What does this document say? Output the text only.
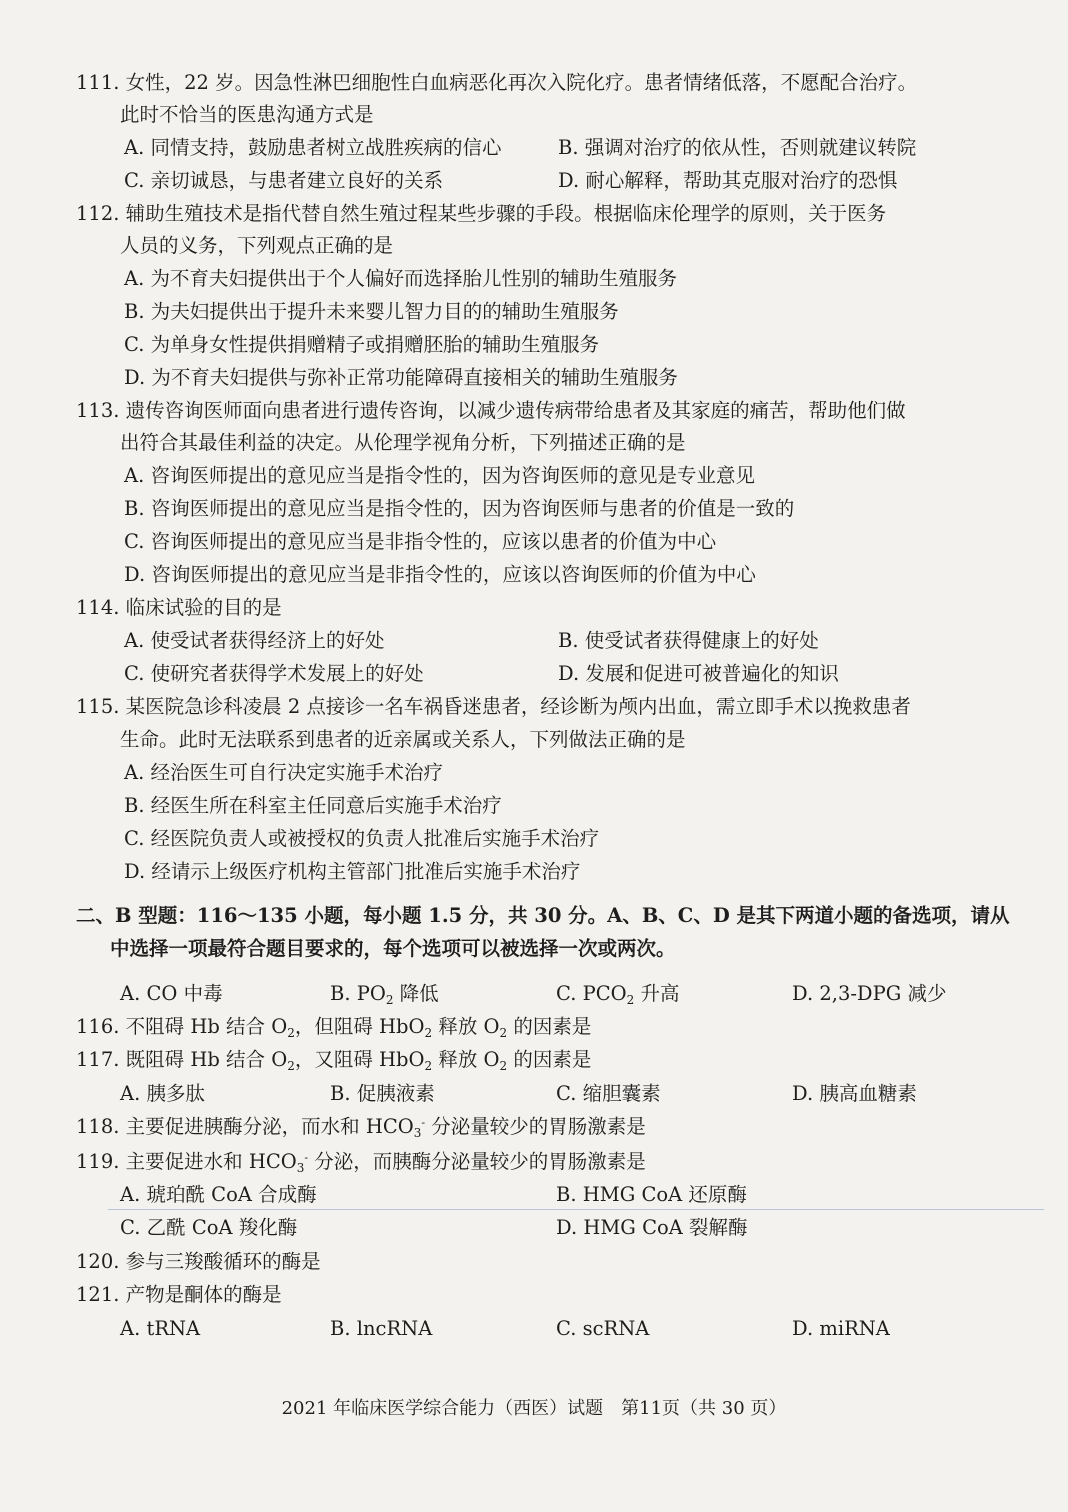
111. 女性，22 岁。因急性淋巴细胞性白血病恶化再次入院化疗。患者情绪低落，不愿配合治疗。
此时不恰当的医患沟通方式是
A. 同情支持，鼓励患者树立战胜疾病的信心	B. 强调对治疗的依从性，否则就建议转院
C. 亲切诚恳，与患者建立良好的关系	D. 耐心解释，帮助其克服对治疗的恐惧
112. 辅助生殖技术是指代替自然生殖过程某些步骤的手段。根据临床伦理学的原则，关于医务
人员的义务，下列观点正确的是
A. 为不育夫妇提供出于个人偏好而选择胎儿性别的辅助生殖服务
B. 为夫妇提供出于提升未来婴儿智力目的的辅助生殖服务
C. 为单身女性提供捐赠精子或捐赠胚胎的辅助生殖服务
D. 为不育夫妇提供与弥补正常功能障碍直接相关的辅助生殖服务
113. 遗传咨询医师面向患者进行遗传咨询，以减少遗传病带给患者及其家庭的痛苦，帮助他们做
出符合其最佳利益的决定。从伦理学视角分析，下列描述正确的是
A. 咨询医师提出的意见应当是指令性的，因为咨询医师的意见是专业意见
B. 咨询医师提出的意见应当是指令性的，因为咨询医师与患者的价值是一致的
C. 咨询医师提出的意见应当是非指令性的，应该以患者的价值为中心
D. 咨询医师提出的意见应当是非指令性的，应该以咨询医师的价值为中心
114. 临床试验的目的是
A. 使受试者获得经济上的好处	B. 使受试者获得健康上的好处
C. 使研究者获得学术发展上的好处	D. 发展和促进可被普遍化的知识
115. 某医院急诊科凌晨 2 点接诊一名车祸昏迷患者，经诊断为颅内出血，需立即手术以挽救患者
生命。此时无法联系到患者的近亲属或关系人，下列做法正确的是
A. 经治医生可自行决定实施手术治疗
B. 经医生所在科室主任同意后实施手术治疗
C. 经医院负责人或被授权的负责人批准后实施手术治疗
D. 经请示上级医疗机构主管部门批准后实施手术治疗
二、B 型题：116～135 小题，每小题 1.5 分，共 30 分。A、B、C、D 是其下两道小题的备选项，请从
中选择一项最符合题目要求的，每个选项可以被选择一次或两次。
A. CO 中毒	B. $PO_2$ 降低	C. $PCO_2$ 升高	D. 2,3-DPG 减少
116. 不阻碍 Hb 结合 $O_2$，但阻碍 HbO$_2$ 释放 $O_2$ 的因素是
117. 既阻碍 Hb 结合 $O_2$，又阻碍 HbO$_2$ 释放 $O_2$ 的因素是
A. 胰多肽	B. 促胰液素	C. 缩胆囊素	D. 胰高血糖素
118. 主要促进胰酶分泌，而水和 $HCO_3^-$ 分泌量较少的胃肠激素是
119. 主要促进水和 $HCO_3^-$ 分泌，而胰酶分泌量较少的胃肠激素是
A. 琥珀酰 CoA 合成酶	B. HMG CoA 还原酶
C. 乙酰 CoA 羧化酶	D. HMG CoA 裂解酶
120. 参与三羧酸循环的酶是
121. 产物是酮体的酶是
A. tRNA	B. lncRNA	C. scRNA	D. miRNA
2021 年临床医学综合能力（西医）试题　第11页（共 30 页）
